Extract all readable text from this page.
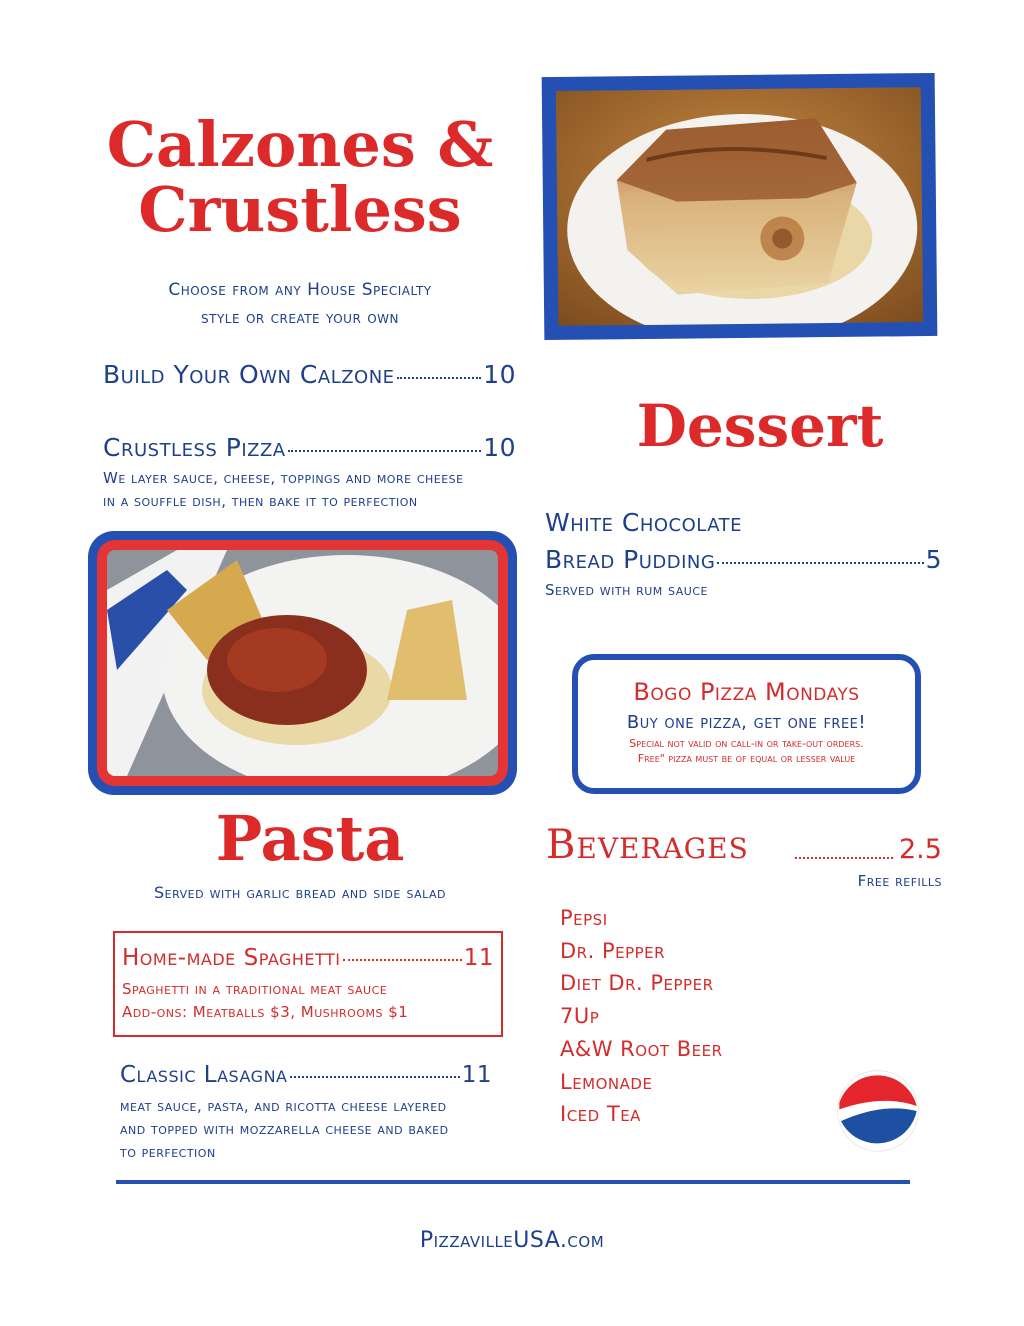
Calzones &
Crustless
Choose from any House Specialty
style or create your own
Build Your Own Calzone	10
Crustless Pizza	10
We layer sauce, cheese, toppings and more cheese
in a souffle dish, then bake it to perfection
Dessert
White Chocolate
Bread Pudding	5
Served with rum sauce
Bogo Pizza Mondays
Buy one pizza, get one free!
Special not valid on call-in or take-out orders.
Free" pizza must be of equal or lesser value
Pasta
Served with garlic bread and side salad
Home-made Spaghetti	11
Spaghetti in a traditional meat sauce
Add-ons: Meatballs $3, Mushrooms $1
Classic Lasagna	11
meat sauce, pasta, and ricotta cheese layered
and topped with mozzarella cheese and baked
to perfection
Beverages	2.5
Free refills
Pepsi
Dr. Pepper
Diet Dr. Pepper
7Up
A&W Root Beer
Lemonade
Iced Tea
PizzavilleUSA.com
